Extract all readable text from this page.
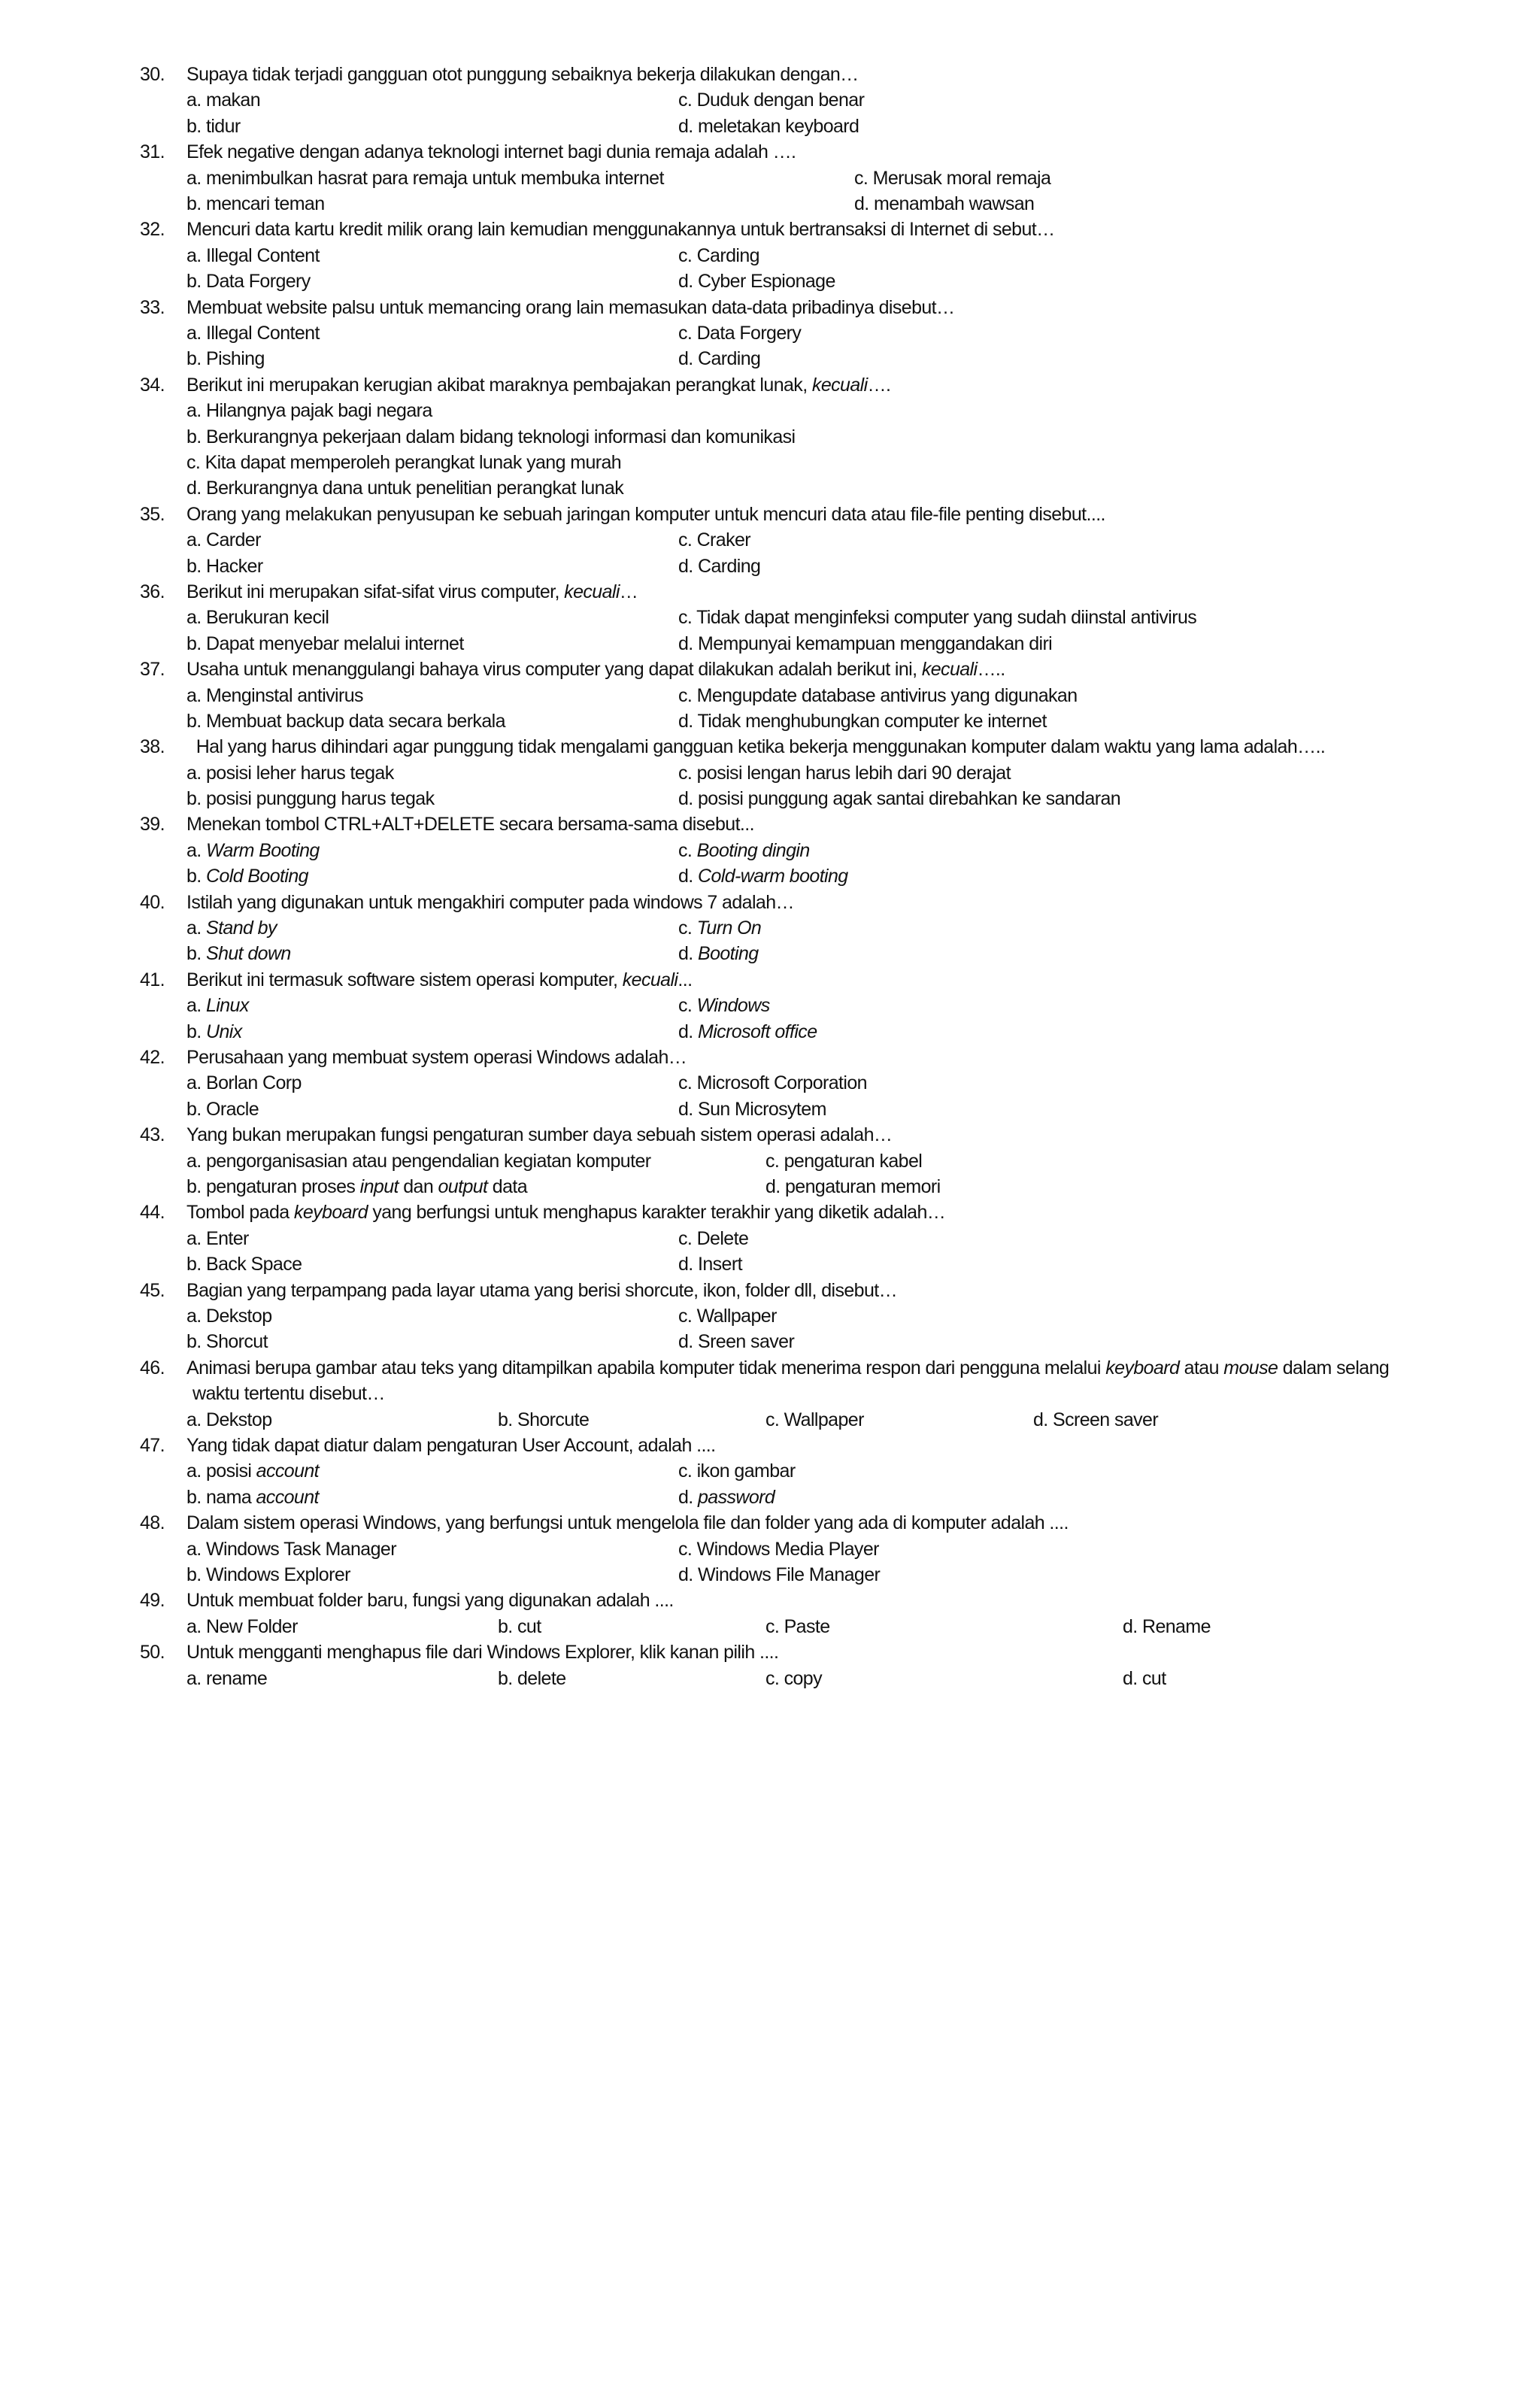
30. Supaya tidak terjadi gangguan otot punggung sebaiknya bekerja dilakukan dengan…
a. makan	c. Duduk dengan benar
b. tidur	d. meletakan keyboard
31. Efek negative dengan adanya teknologi internet bagi dunia remaja adalah ….
a. menimbulkan hasrat para remaja untuk membuka internet	c. Merusak moral remaja
b. mencari teman	d. menambah wawsan
32. Mencuri data kartu kredit milik orang lain kemudian menggunakannya untuk bertransaksi di Internet di sebut…
a. Illegal Content	c. Carding
b. Data Forgery	d. Cyber Espionage
33. Membuat website palsu untuk memancing orang lain memasukan data-data pribadinya disebut…
a. Illegal Content	c. Data Forgery
b. Pishing	d. Carding
34. Berikut ini merupakan kerugian akibat maraknya pembajakan perangkat lunak, kecuali….
a. Hilangnya pajak bagi negara
b. Berkurangnya pekerjaan dalam bidang teknologi informasi dan komunikasi
c. Kita dapat memperoleh perangkat lunak yang murah
d. Berkurangnya dana untuk penelitian perangkat lunak
35. Orang yang melakukan penyusupan ke sebuah jaringan komputer untuk mencuri data atau file-file penting disebut....
a. Carder	c. Craker
b. Hacker	d. Carding
36. Berikut ini merupakan sifat-sifat virus computer, kecuali…
a. Berukuran kecil	c. Tidak dapat menginfeksi computer yang sudah diinstal antivirus
b. Dapat menyebar melalui internet	d. Mempunyai kemampuan menggandakan diri
37. Usaha untuk menanggulangi bahaya virus computer yang dapat dilakukan adalah berikut ini, kecuali…..
a. Menginstal antivirus	c. Mengupdate database antivirus yang digunakan
b. Membuat backup data secara berkala	d. Tidak menghubungkan computer ke internet
38. Hal yang harus dihindari agar punggung tidak mengalami gangguan ketika bekerja menggunakan komputer dalam waktu yang lama adalah…..
a. posisi leher harus tegak	c. posisi lengan harus lebih dari 90 derajat
b. posisi punggung harus tegak	d. posisi punggung agak santai direbahkan ke sandaran
39. Menekan tombol CTRL+ALT+DELETE secara bersama-sama disebut...
a. Warm Booting	c. Booting dingin
b. Cold Booting	d. Cold-warm booting
40. Istilah yang digunakan untuk mengakhiri computer pada windows 7 adalah…
a. Stand by	c. Turn On
b. Shut down	d. Booting
41. Berikut ini termasuk software sistem operasi komputer, kecuali...
a. Linux	c. Windows
b. Unix	d. Microsoft office
42. Perusahaan yang membuat system operasi Windows adalah…
a. Borlan Corp	c. Microsoft Corporation
b. Oracle	d. Sun Microsytem
43. Yang bukan merupakan fungsi pengaturan sumber daya sebuah sistem operasi adalah…
a. pengorganisasian atau pengendalian kegiatan komputer	c. pengaturan kabel
b. pengaturan proses input dan output data	d. pengaturan memori
44. Tombol pada keyboard yang berfungsi untuk menghapus karakter terakhir yang diketik adalah…
a. Enter	c. Delete
b. Back Space	d. Insert
45. Bagian yang terpampang pada layar utama yang berisi shorcute, ikon, folder dll, disebut…
a. Dekstop	c. Wallpaper
b. Shorcut	d. Sreen saver
46. Animasi berupa gambar atau teks yang ditampilkan apabila komputer tidak menerima respon dari pengguna melalui keyboard atau mouse dalam selang
waktu tertentu disebut…
a. Dekstop	b. Shorcute	c. Wallpaper	d. Screen saver
47. Yang tidak dapat diatur dalam pengaturan User Account, adalah ....
a. posisi account	c. ikon gambar
b. nama account	d. password
48. Dalam sistem operasi Windows, yang berfungsi untuk mengelola file dan folder yang ada di komputer adalah ....
a. Windows Task Manager	c. Windows Media Player
b. Windows Explorer	d. Windows File Manager
49. Untuk membuat folder baru, fungsi yang digunakan adalah ....
a. New Folder	b. cut	c. Paste	d. Rename
50. Untuk mengganti menghapus file dari Windows Explorer, klik kanan pilih ....
a. rename	b. delete	c. copy	d. cut
